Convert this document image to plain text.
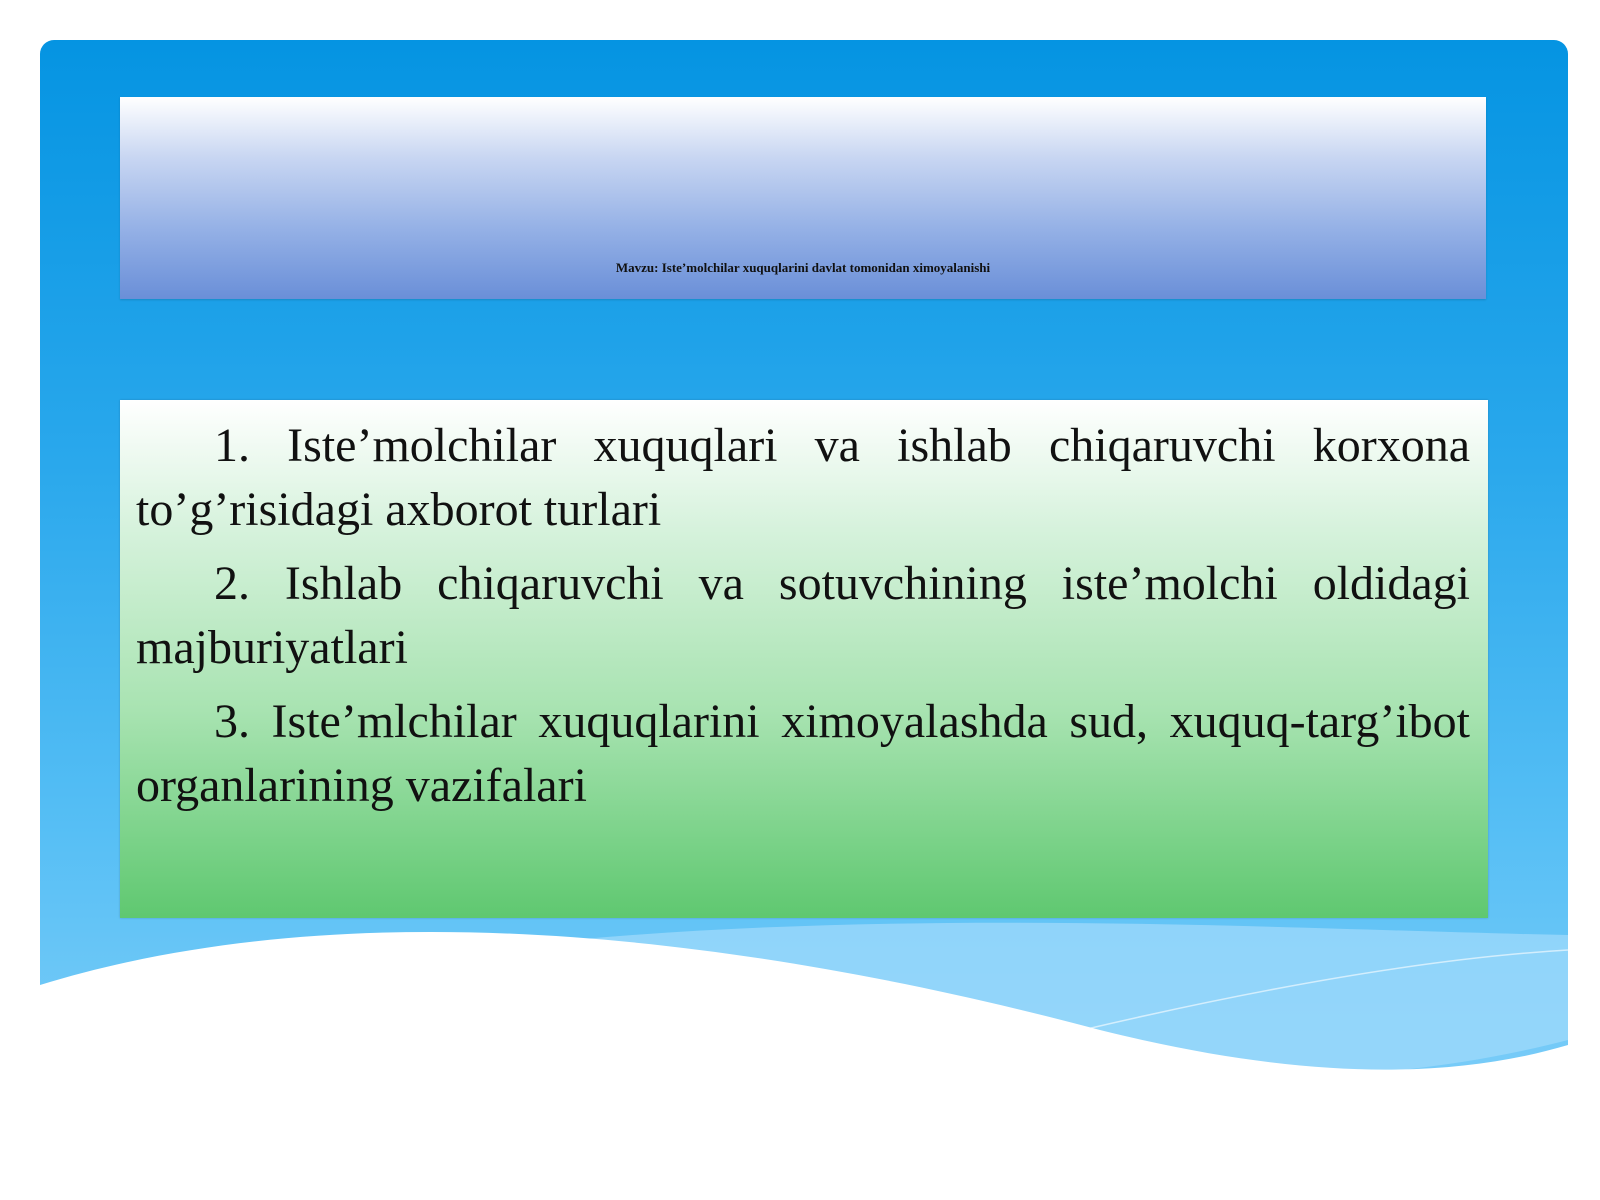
Mavzu: Iste’molchilar xuquqlarini davlat tomonidan ximoyalanishi

1. Iste’molchilar xuquqlari va ishlab chiqaruvchi korxona to’g’risidagi axborot turlari

2. Ishlab chiqaruvchi va sotuvchining iste’molchi oldidagi majburiyatlari

3. Iste’mlchilar xuquqlarini ximoyalashda sud, xuquq-targ’ibot organlarining vazifalari
